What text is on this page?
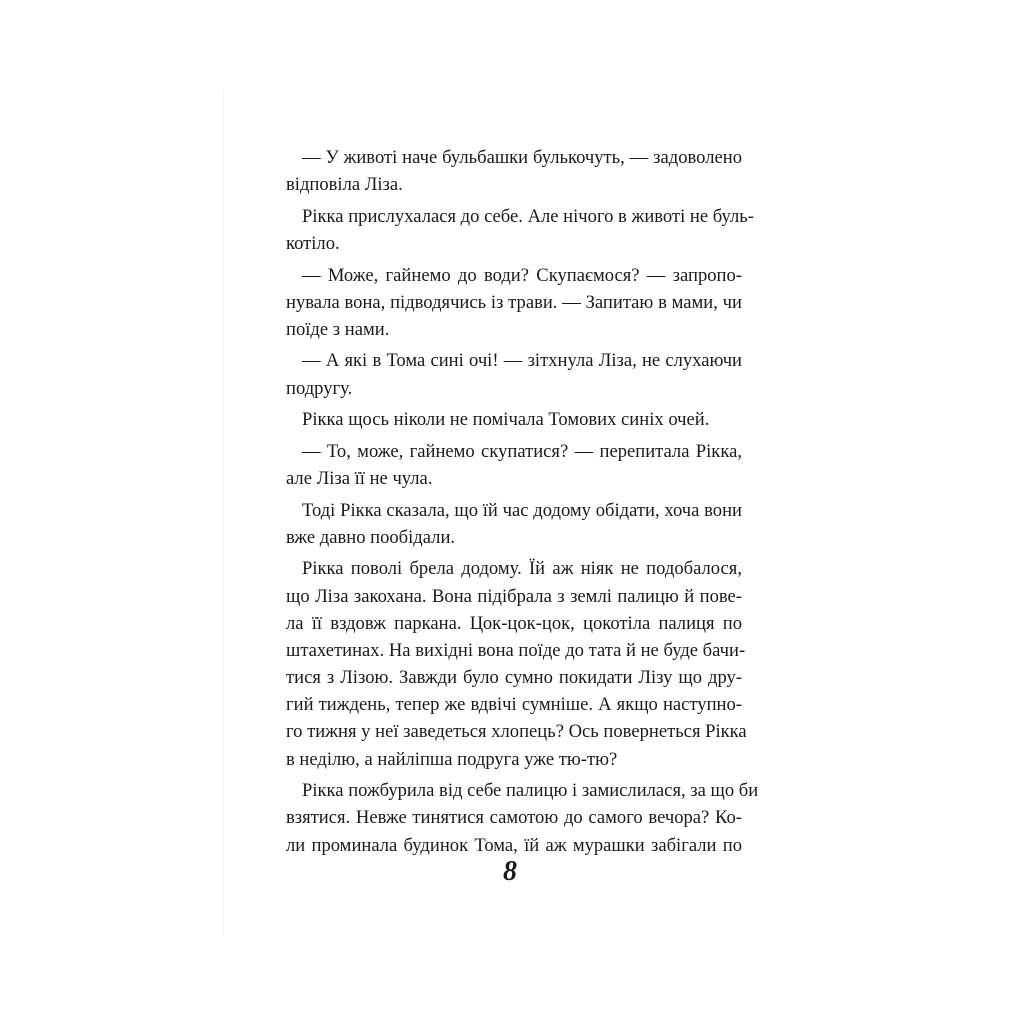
— У животі наче бульбашки булькочуть, — задоволено
відповіла Ліза.
Рікка прислухалася до себе. Але нічого в животі не буль-
котіло.
— Може, гайнемо до води? Скупаємося? — запропо-
нувала вона, підводячись із трави. — Запитаю в мами, чи
поїде з нами.
— А які в Тома сині очі! — зітхнула Ліза, не слухаючи
подругу.
Рікка щось ніколи не помічала Томових синіх очей.
— То, може, гайнемо скупатися? — перепитала Рікка,
але Ліза її не чула.
Тоді Рікка сказала, що їй час додому обідати, хоча вони
вже давно пообідали.
Рікка поволі брела додому. Їй аж ніяк не подобалося,
що Ліза закохана. Вона підібрала з землі палицю й пове-
ла її вздовж паркана. Цок-цок-цок, цокотіла палиця по
штахетинах. На вихідні вона поїде до тата й не буде бачи-
тися з Лізою. Завжди було сумно покидати Лізу що дру-
гий тиждень, тепер же вдвічі сумніше. А якщо наступно-
го тижня у неї заведеться хлопець? Ось повернеться Рікка
в неділю, а найліпша подруга уже тю-тю?
Рікка пожбурила від себе палицю і замислилася, за що би
взятися. Невже тинятися самотою до самого вечора? Ко-
ли проминала будинок Тома, їй аж мурашки забігали по
8
